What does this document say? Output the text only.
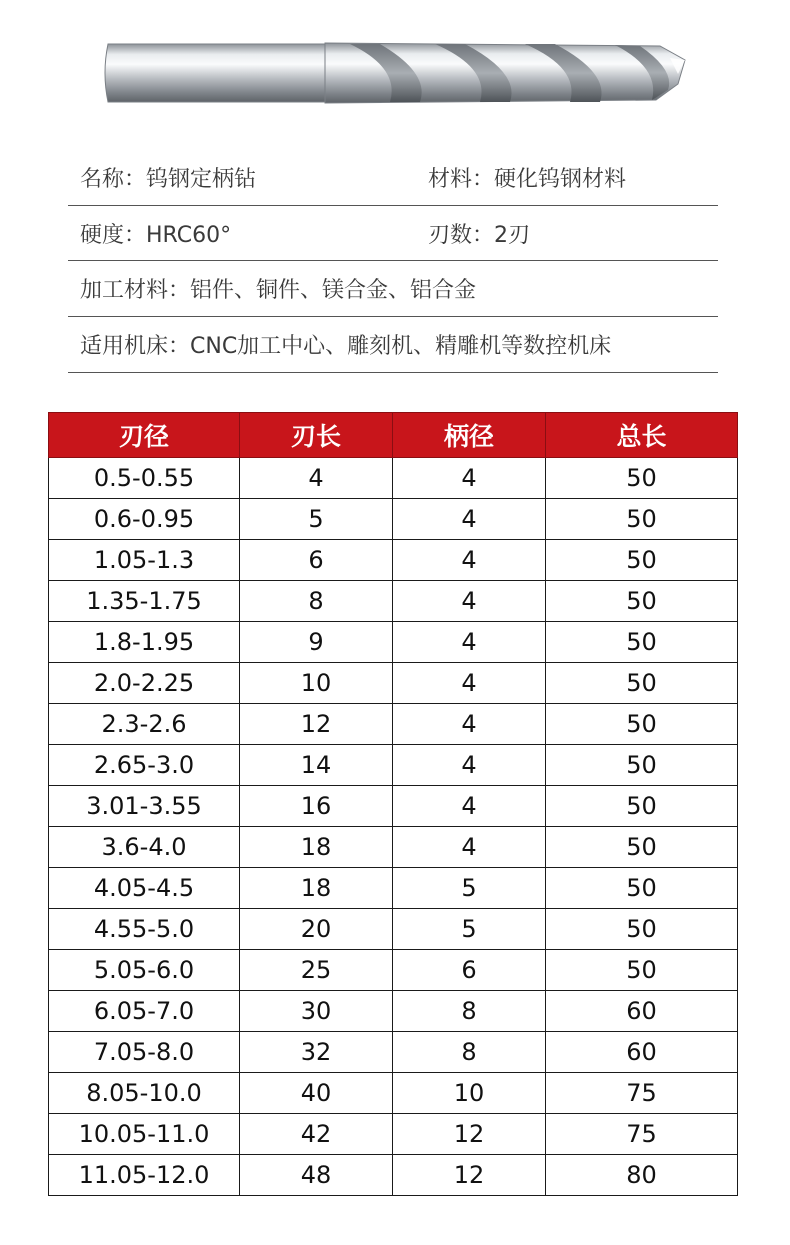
名称：钨钢定柄钻	材料：硬化钨钢材料
硬度：HRC60°	刃数：2刃
加工材料：铝件、铜件、镁合金、铝合金
适用机床：CNC加工中心、雕刻机、精雕机等数控机床
刃径	刃长	柄径	总长
0.5-0.55	4	4	50
0.6-0.95	5	4	50
1.05-1.3	6	4	50
1.35-1.75	8	4	50
1.8-1.95	9	4	50
2.0-2.25	10	4	50
2.3-2.6	12	4	50
2.65-3.0	14	4	50
3.01-3.55	16	4	50
3.6-4.0	18	4	50
4.05-4.5	18	5	50
4.55-5.0	20	5	50
5.05-6.0	25	6	50
6.05-7.0	30	8	60
7.05-8.0	32	8	60
8.05-10.0	40	10	75
10.05-11.0	42	12	75
11.05-12.0	48	12	80
